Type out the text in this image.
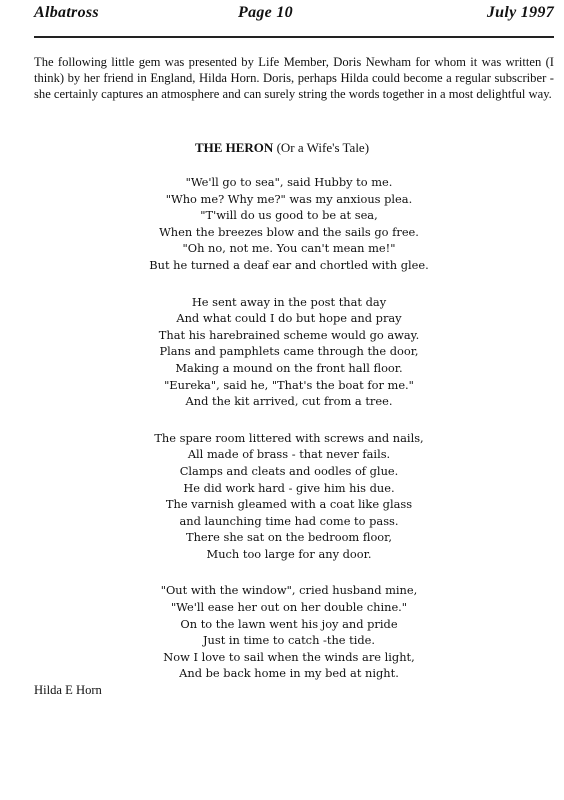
Albatross	Page 10	July 1997

The following little gem was presented by Life Member, Doris Newham for whom it was written (I think) by her friend in England, Hilda Horn. Doris, perhaps Hilda could become a regular subscriber - she certainly captures an atmosphere and can surely string the words together in a most delightful way.

THE HERON (Or a Wife's Tale)
"We'll go to sea", said Hubby to me.
"Who me? Why me?" was my anxious plea.
"T'will do us good to be at sea,
When the breezes blow and the sails go free.
"Oh no, not me. You can't mean me!"
But he turned a deaf ear and chortled with glee.
He sent away in the post that day
And what could I do but hope and pray
That his harebrained scheme would go away.
Plans and pamphlets came through the door,
Making a mound on the front hall floor.
"Eureka", said he, "That's the boat for me."
And the kit arrived, cut from a tree.
The spare room littered with screws and nails,
All made of brass - that never fails.
Clamps and cleats and oodles of glue.
He did work hard - give him his due.
The varnish gleamed with a coat like glass
and launching time had come to pass.
There she sat on the bedroom floor,
Much too large for any door.
"Out with the window", cried husband mine,
"We'll ease her out on her double chine."
On to the lawn went his joy and pride
Just in time to catch -the tide.
Now I love to sail when the winds are light,
And be back home in my bed at night.
Hilda E Horn
